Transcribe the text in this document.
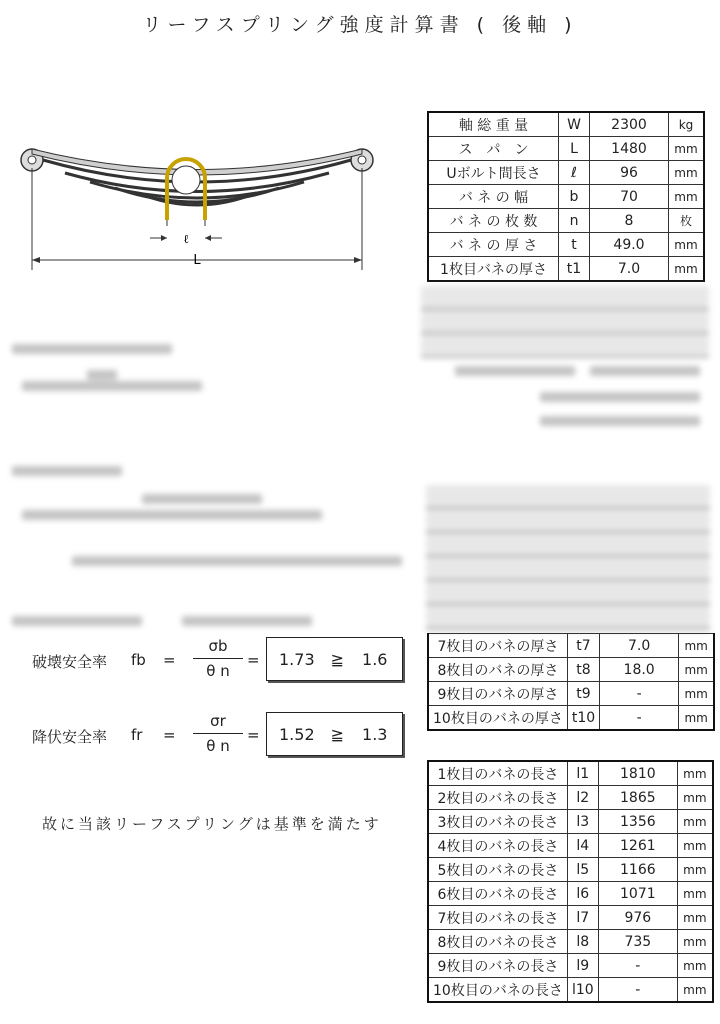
リーフスプリング強度計算書 ( 後軸 )
ℓ
L
軸 総 重 量	W	2300	kg
ス　パ　ン	L	1480	mm
Uボルト間長さ	ℓ	96	mm
バ ネ の 幅	b	70	mm
バ ネ の 枚 数	n	8	枚
バ ネ の 厚 さ	t	49.0	mm
1枚目バネの厚さ	t1	7.0	mm
7枚目のバネの厚さ	t7	7.0	mm
8枚目のバネの厚さ	t8	18.0	mm
9枚目のバネの厚さ	t9	-	mm
10枚目のバネの厚さ	t10	-	mm
1枚目のバネの長さ	l1	1810	mm
2枚目のバネの長さ	l2	1865	mm
3枚目のバネの長さ	l3	1356	mm
4枚目のバネの長さ	l4	1261	mm
5枚目のバネの長さ	l5	1166	mm
6枚目のバネの長さ	l6	1071	mm
7枚目のバネの長さ	l7	976	mm
8枚目のバネの長さ	l8	735	mm
9枚目のバネの長さ	l9	-	mm
10枚目のバネの長さ	l10	-	mm
破壊安全率 fb =
σb
θ n
= 1.73 ≧ 1.6
降伏安全率 fr =
σr
θ n
= 1.52 ≧ 1.3
故に当該リーフスプリングは基準を満たす
